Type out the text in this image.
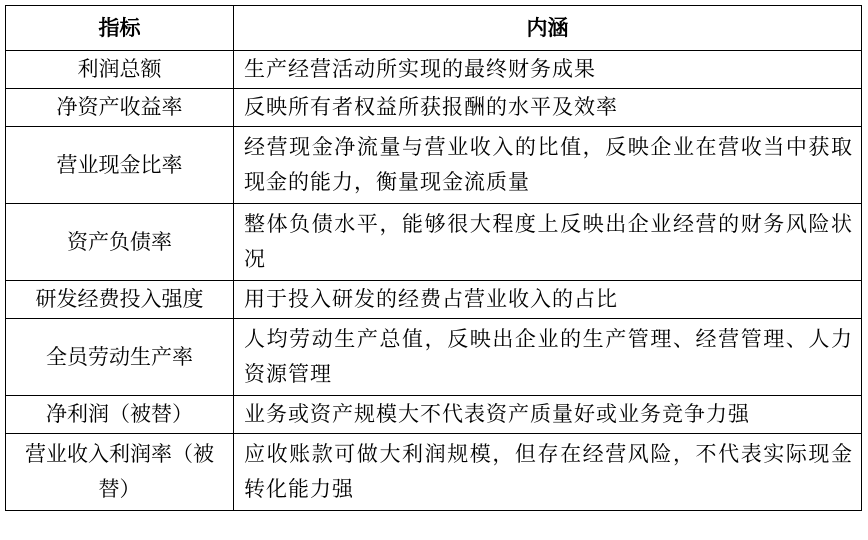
指标	内涵
利润总额	生产经营活动所实现的最终财务成果
净资产收益率	反映所有者权益所获报酬的水平及效率
营业现金比率	经营现金净流量与营业收入的比值，反映企业在营收当中获取现金的能力，衡量现金流质量
资产负债率	整体负债水平，能够很大程度上反映出企业经营的财务风险状况
研发经费投入强度	用于投入研发的经费占营业收入的占比
全员劳动生产率	人均劳动生产总值，反映出企业的生产管理、经营管理、人力资源管理
净利润（被替）	业务或资产规模大不代表资产质量好或业务竞争力强
营业收入利润率（被替）	应收账款可做大利润规模，但存在经营风险，不代表实际现金转化能力强
